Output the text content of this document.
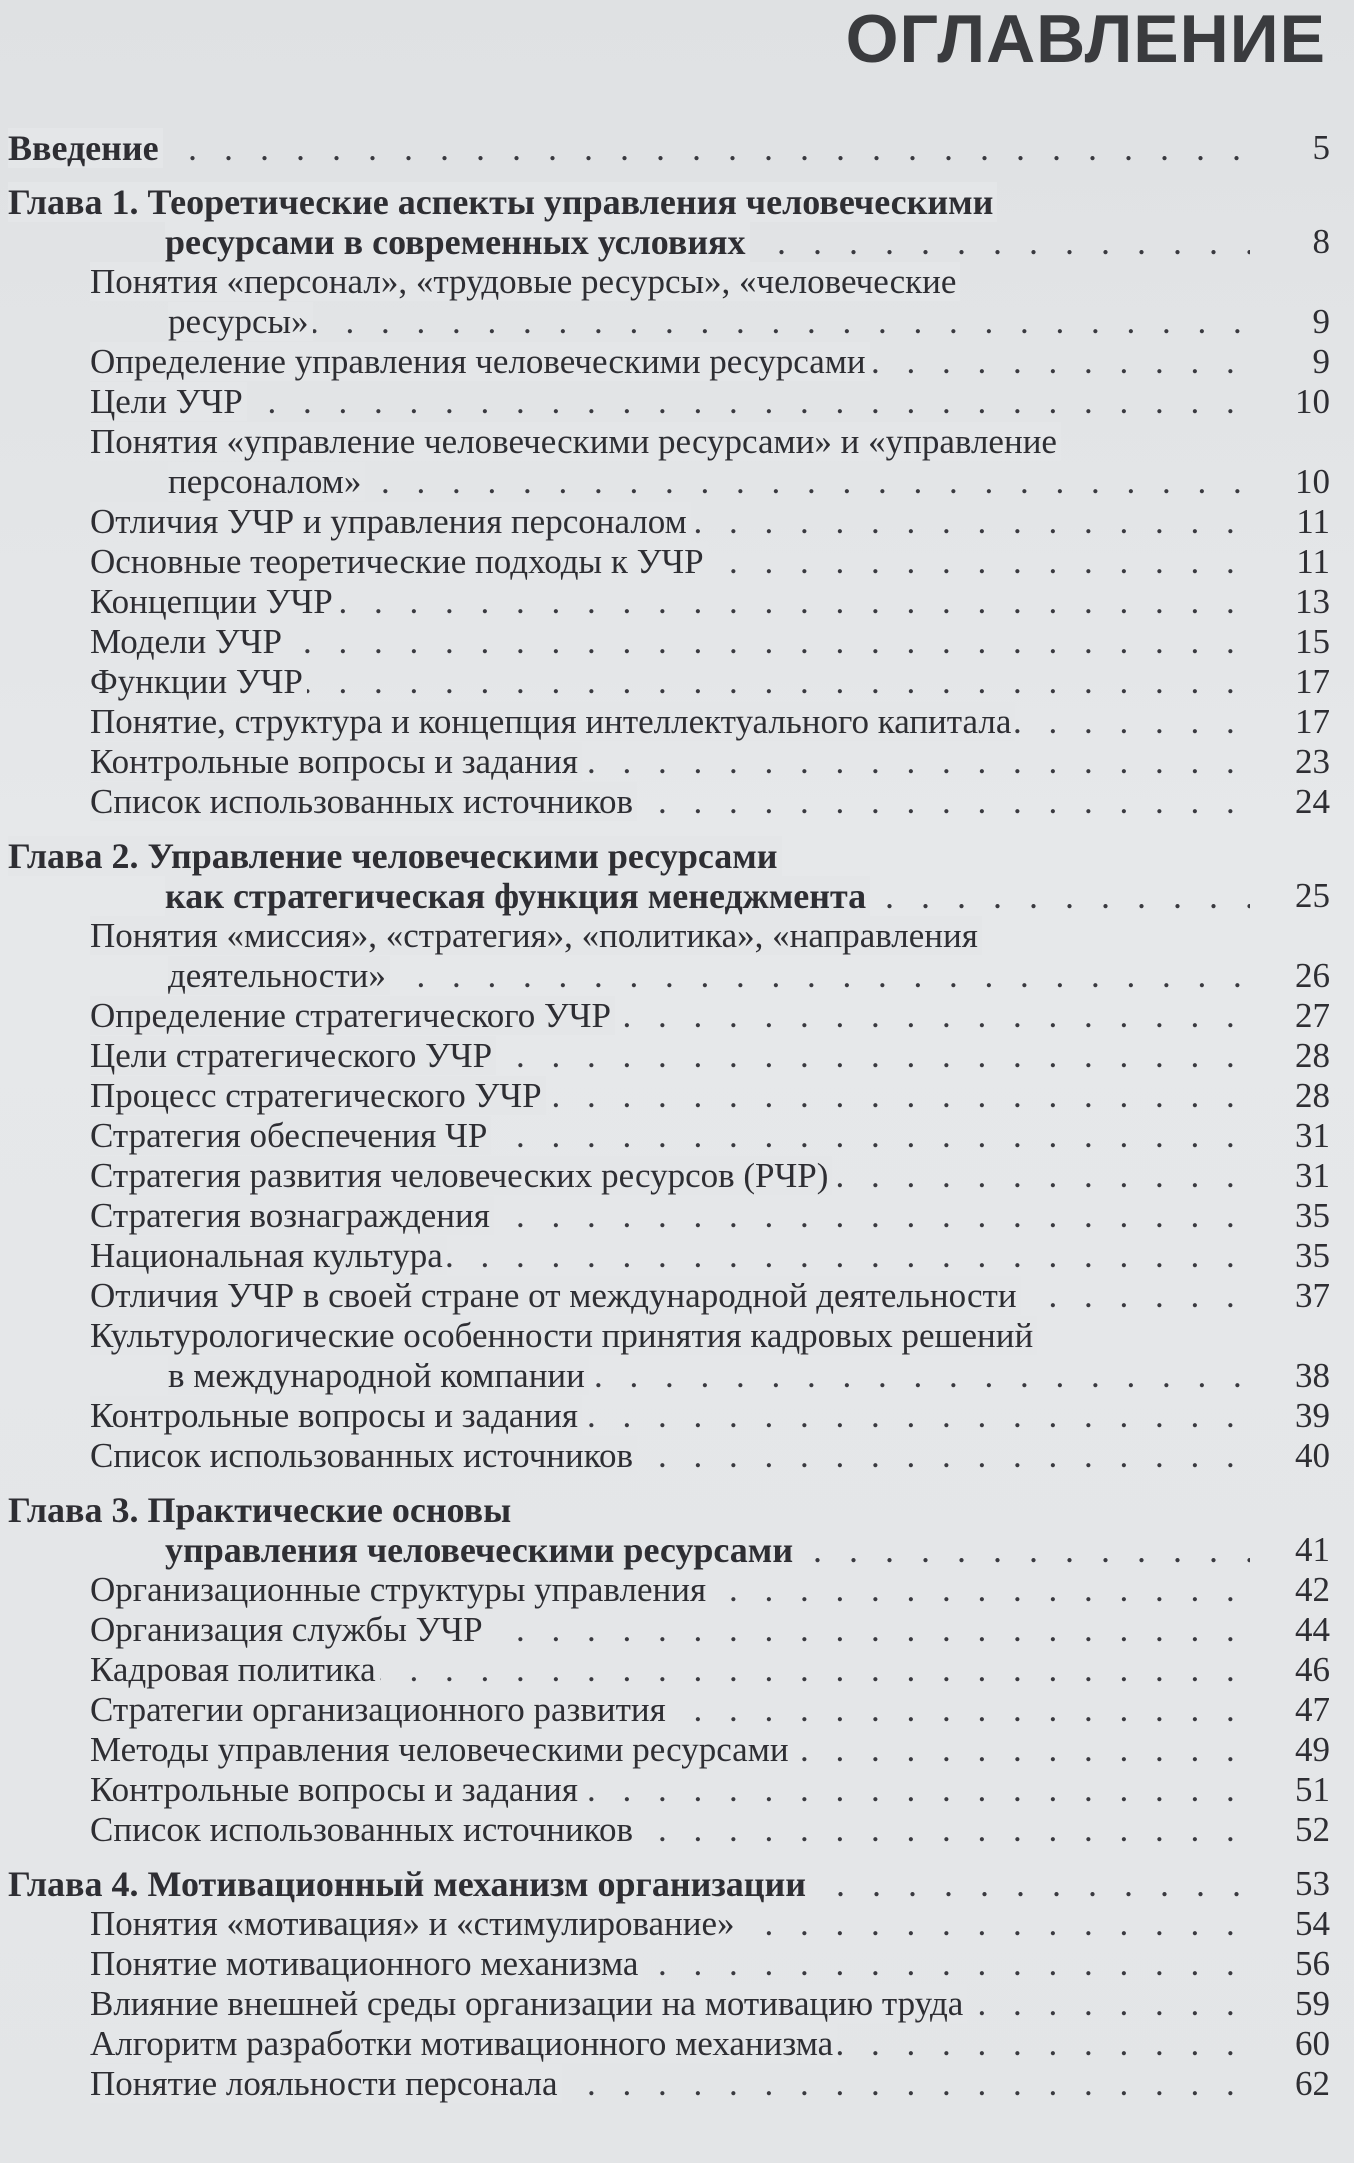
ОГЛАВЛЕНИЕ
Введение . . .	5
Глава 1. Теоретические аспекты управления человеческими
ресурсами в современных условиях . . .	8
Понятия «персонал», «трудовые ресурсы», «человеческие
ресурсы» . . .	9
Определение управления человеческими ресурсами . . .	9
Цели УЧР . . .	10
Понятия «управление человеческими ресурсами» и «управление
персоналом» . . .	10
Отличия УЧР и управления персоналом . . .	11
Основные теоретические подходы к УЧР . . .	11
Концепции УЧР . . .	13
Модели УЧР . . .	15
Функции УЧР . . .	17
Понятие, структура и концепция интеллектуального капитала . . .	17
Контрольные вопросы и задания . . .	23
Список использованных источников . . .	24
Глава 2. Управление человеческими ресурсами
как стратегическая функция менеджмента . . .	25
Понятия «миссия», «стратегия», «политика», «направления
деятельности» . . .	26
Определение стратегического УЧР . . .	27
Цели стратегического УЧР . . .	28
Процесс стратегического УЧР . . .	28
Стратегия обеспечения ЧР . . .	31
Стратегия развития человеческих ресурсов (РЧР) . . .	31
Стратегия вознаграждения . . .	35
Национальная культура . . .	35
Отличия УЧР в своей стране от международной деятельности . . .	37
Культурологические особенности принятия кадровых решений
в международной компании . . .	38
Контрольные вопросы и задания . . .	39
Список использованных источников . . .	40
Глава 3. Практические основы
управления человеческими ресурсами . . .	41
Организационные структуры управления . . .	42
Организация службы УЧР . . .	44
Кадровая политика . . .	46
Стратегии организационного развития . . .	47
Методы управления человеческими ресурсами . . .	49
Контрольные вопросы и задания . . .	51
Список использованных источников . . .	52
Глава 4. Мотивационный механизм организации . . .	53
Понятия «мотивация» и «стимулирование» . . .	54
Понятие мотивационного механизма . . .	56
Влияние внешней среды организации на мотивацию труда . . .	59
Алгоритм разработки мотивационного механизма . . .	60
Понятие лояльности персонала . . .	62
